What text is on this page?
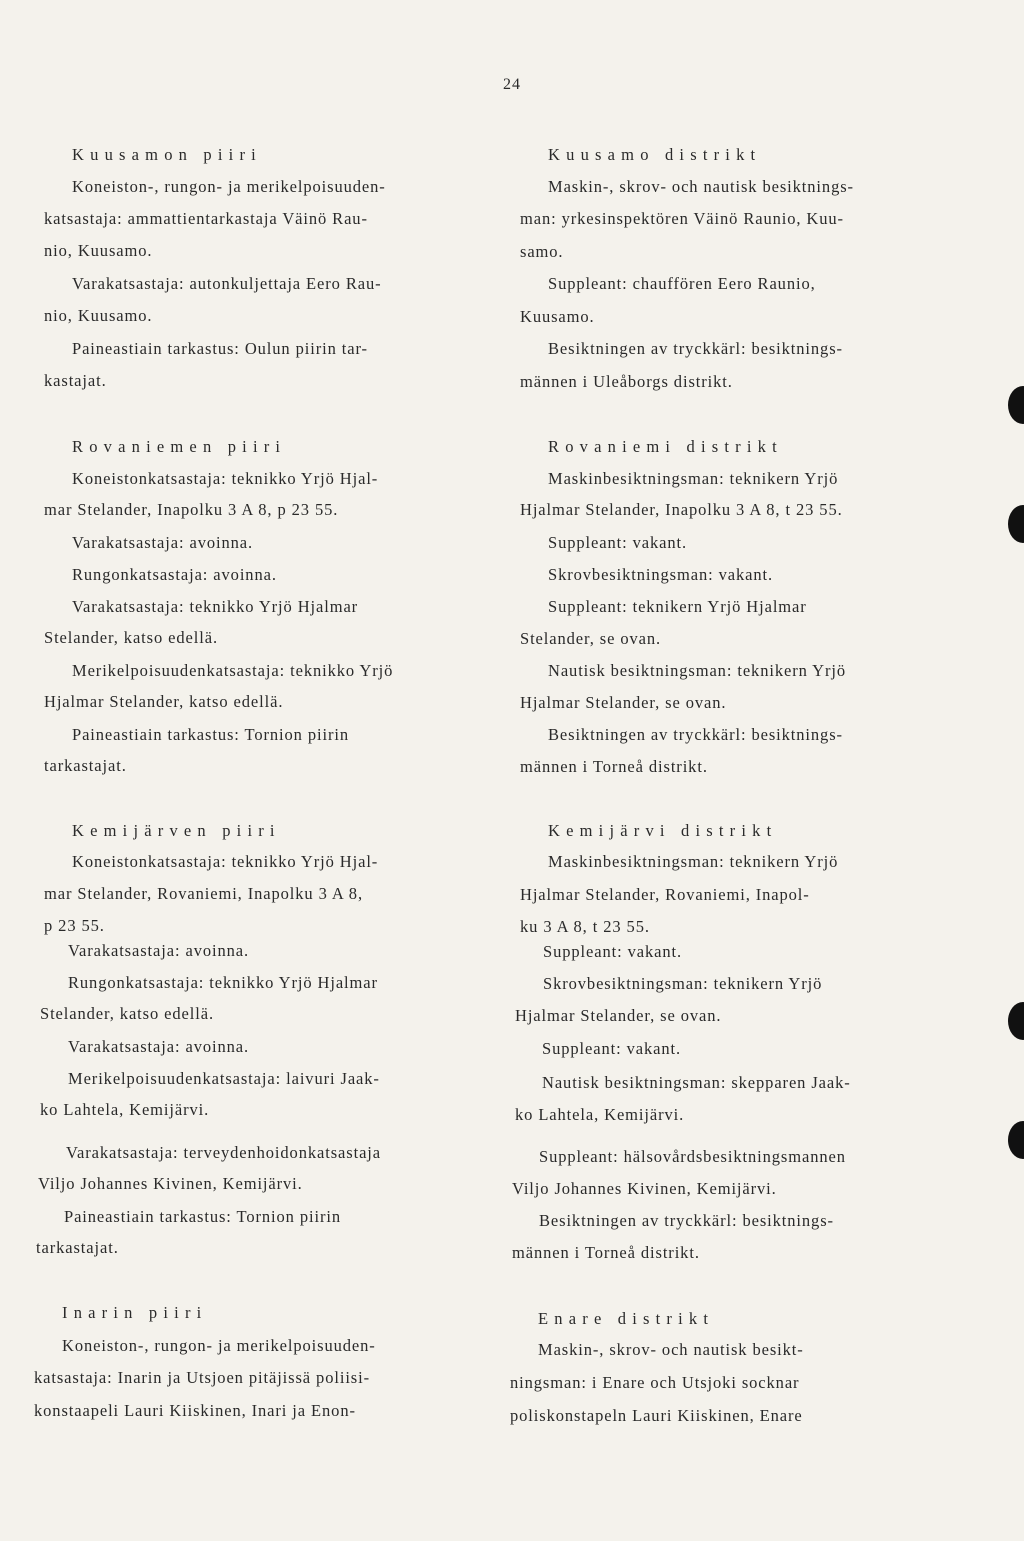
24
Kuusamon piiri
Koneiston-, rungon- ja merikelpoisuuden-
katsastaja: ammattientarkastaja Väinö Rau-
nio, Kuusamo.
Varakatsastaja: autonkuljettaja Eero Rau-
nio, Kuusamo.
Paineastiain tarkastus: Oulun piirin tar-
kastajat.
Rovaniemen piiri
Koneistonkatsastaja: teknikko Yrjö Hjal-
mar Stelander, Inapolku 3 A 8, p 23 55.
Varakatsastaja: avoinna.
Rungonkatsastaja: avoinna.
Varakatsastaja: teknikko Yrjö Hjalmar
Stelander, katso edellä.
Merikelpoisuudenkatsastaja: teknikko Yrjö
Hjalmar Stelander, katso edellä.
Paineastiain tarkastus: Tornion piirin
tarkastajat.
Kemijärven piiri
Koneistonkatsastaja: teknikko Yrjö Hjal-
mar Stelander, Rovaniemi, Inapolku 3 A 8,
p 23 55.
Varakatsastaja: avoinna.
Rungonkatsastaja: teknikko Yrjö Hjalmar
Stelander, katso edellä.
Varakatsastaja: avoinna.
Merikelpoisuudenkatsastaja: laivuri Jaak-
ko Lahtela, Kemijärvi.
Varakatsastaja: terveydenhoidonkatsastaja
Viljo Johannes Kivinen, Kemijärvi.
Paineastiain tarkastus: Tornion piirin
tarkastajat.
Inarin piiri
Koneiston-, rungon- ja merikelpoisuuden-
katsastaja: Inarin ja Utsjoen pitäjissä poliisi-
konstaapeli Lauri Kiiskinen, Inari ja Enon-
Kuusamo distrikt
Maskin-, skrov- och nautisk besiktnings-
man: yrkesinspektören Väinö Raunio, Kuu-
samo.
Suppleant: chauffören Eero Raunio,
Kuusamo.
Besiktningen av tryckkärl: besiktnings-
männen i Uleåborgs distrikt.
Rovaniemi distrikt
Maskinbesiktningsman: teknikern Yrjö
Hjalmar Stelander, Inapolku 3 A 8, t 23 55.
Suppleant: vakant.
Skrovbesiktningsman: vakant.
Suppleant: teknikern Yrjö Hjalmar
Stelander, se ovan.
Nautisk besiktningsman: teknikern Yrjö
Hjalmar Stelander, se ovan.
Besiktningen av tryckkärl: besiktnings-
männen i Torneå distrikt.
Kemijärvi distrikt
Maskinbesiktningsman: teknikern Yrjö
Hjalmar Stelander, Rovaniemi, Inapol-
ku 3 A 8, t 23 55.
Suppleant: vakant.
Skrovbesiktningsman: teknikern Yrjö
Hjalmar Stelander, se ovan.
Suppleant: vakant.
Nautisk besiktningsman: skepparen Jaak-
ko Lahtela, Kemijärvi.
Suppleant: hälsovårdsbesiktningsmannen
Viljo Johannes Kivinen, Kemijärvi.
Besiktningen av tryckkärl: besiktnings-
männen i Torneå distrikt.
Enare distrikt
Maskin-, skrov- och nautisk besikt-
ningsman: i Enare och Utsjoki socknar
poliskonstapeln Lauri Kiiskinen, Enare
